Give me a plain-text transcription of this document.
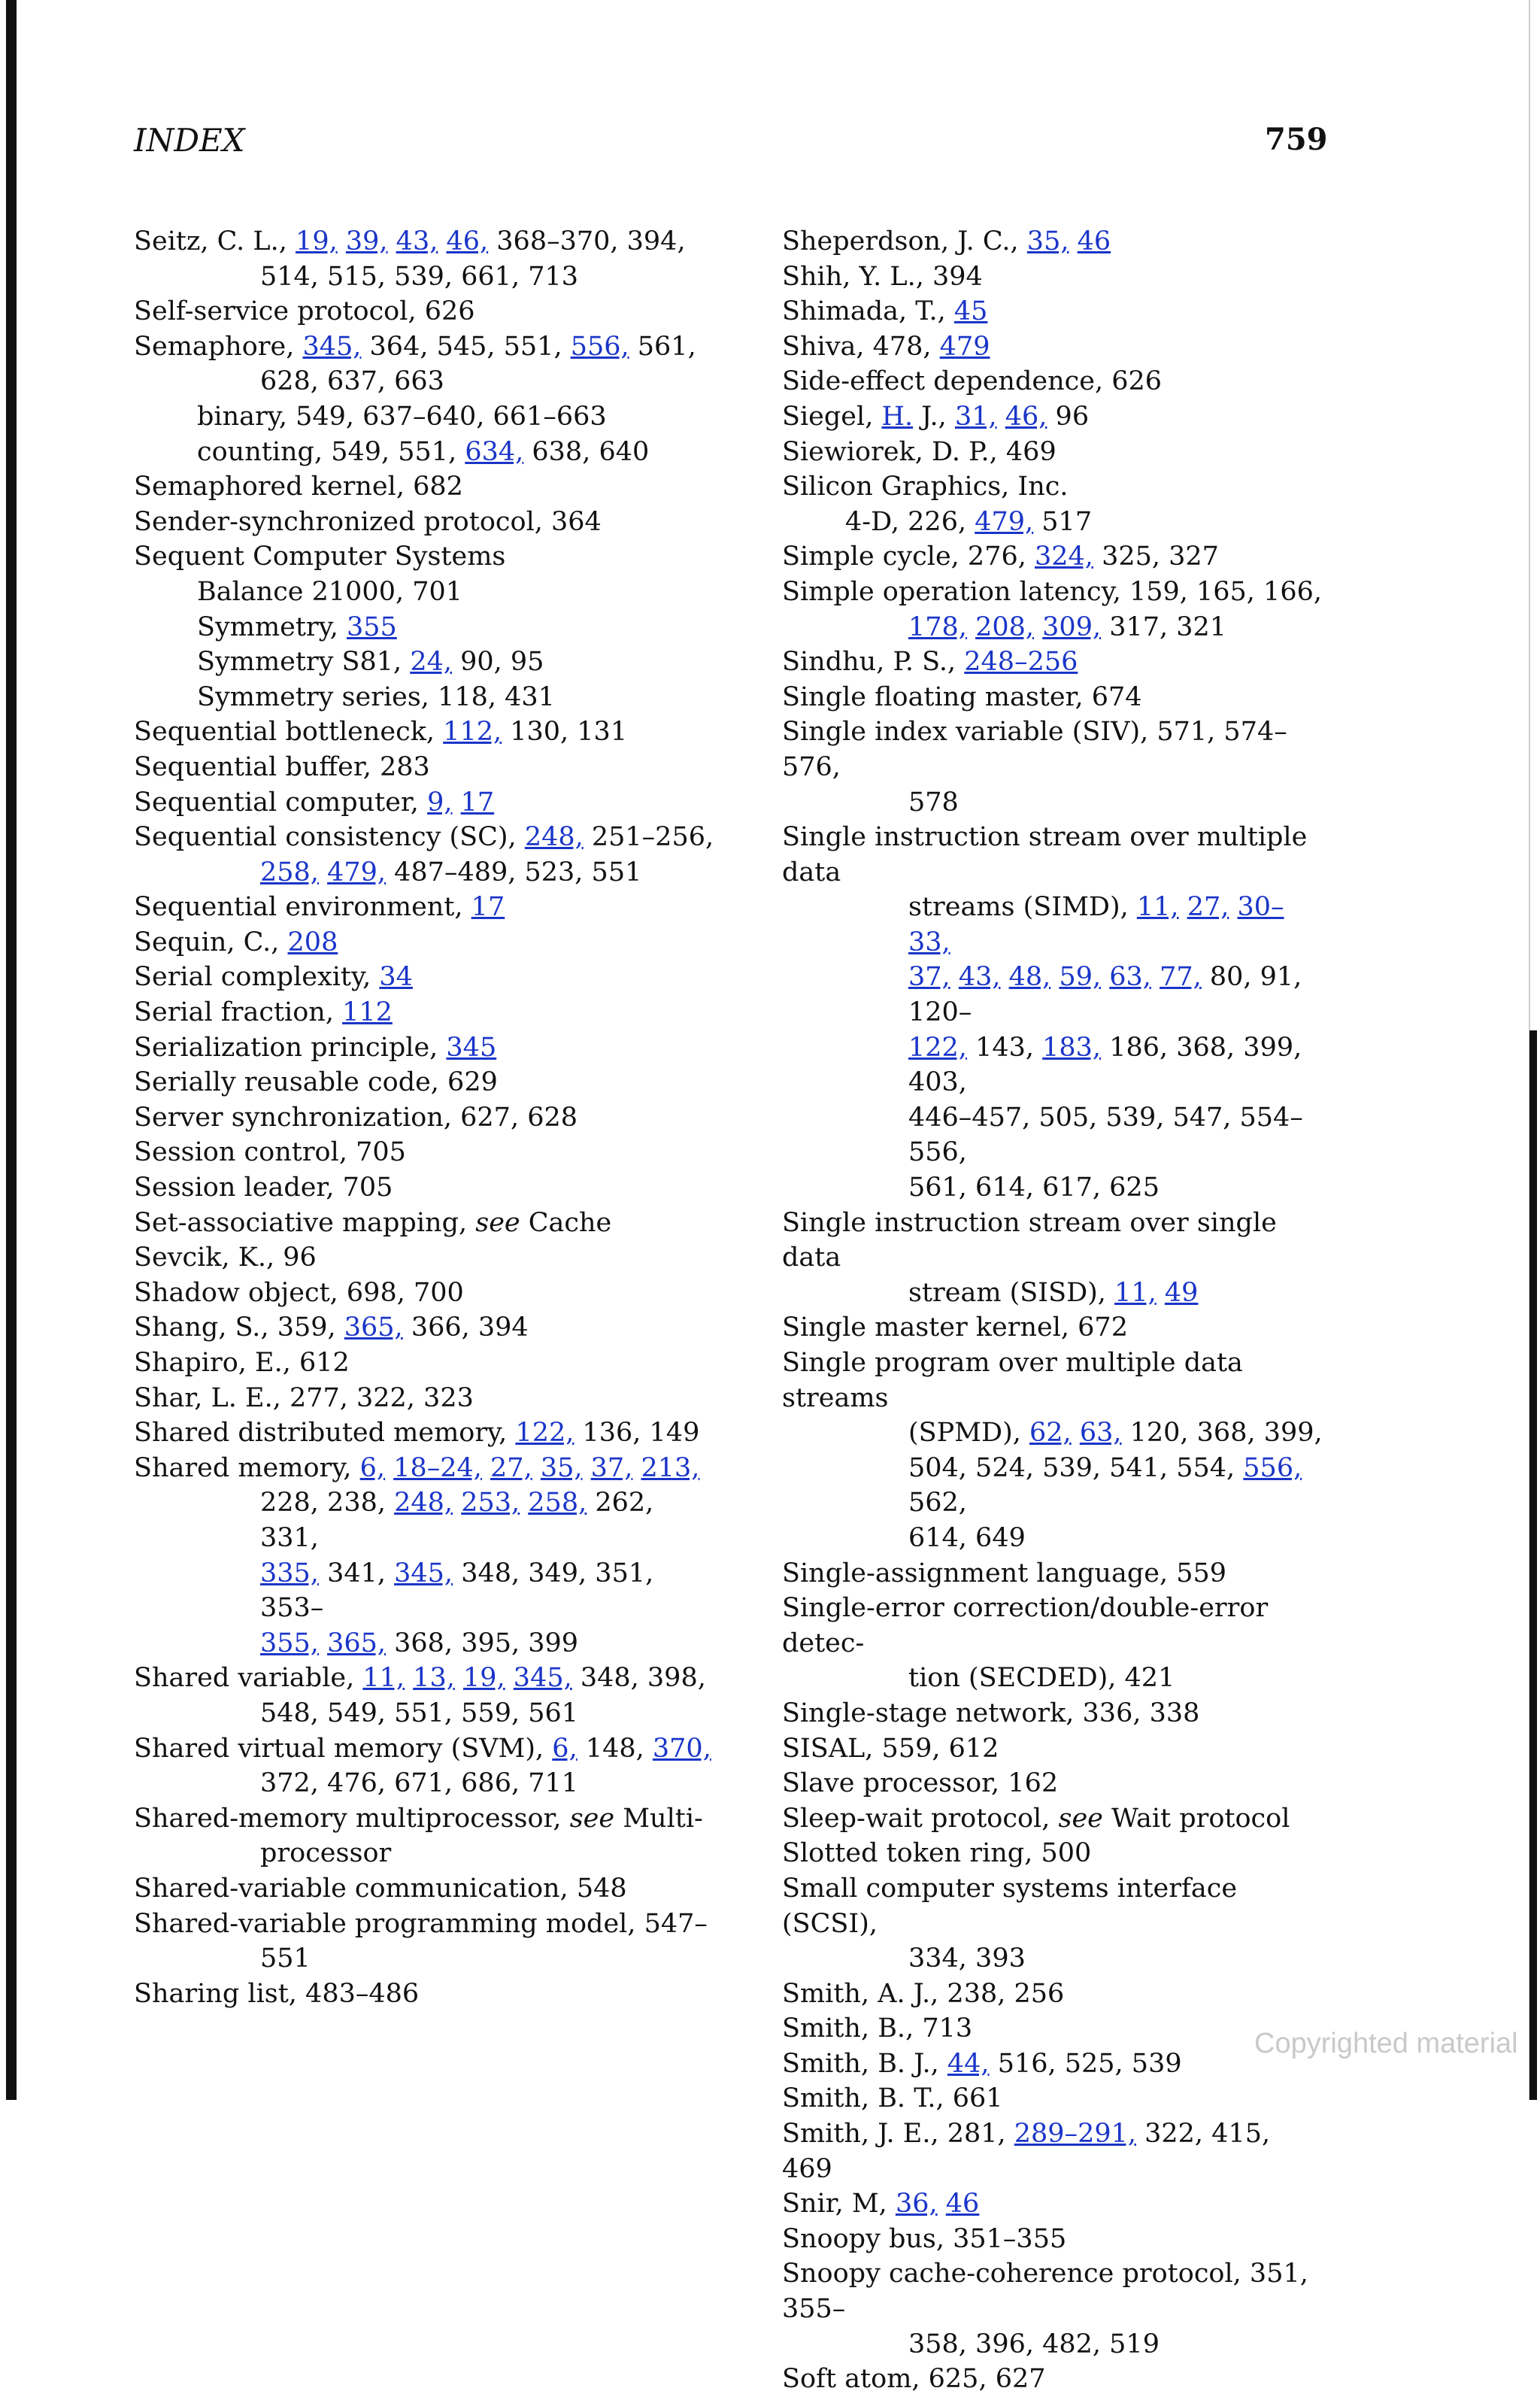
INDEX	759
Seitz, C. L., 19, 39, 43, 46, 368–370, 394,
514, 515, 539, 661, 713
Self-service protocol, 626
Semaphore, 345, 364, 545, 551, 556, 561,
628, 637, 663
binary, 549, 637–640, 661–663
counting, 549, 551, 634, 638, 640
Semaphored kernel, 682
Sender-synchronized protocol, 364
Sequent Computer Systems
Balance 21000, 701
Symmetry, 355
Symmetry S81, 24, 90, 95
Symmetry series, 118, 431
Sequential bottleneck, 112, 130, 131
Sequential buffer, 283
Sequential computer, 9, 17
Sequential consistency (SC), 248, 251–256,
258, 479, 487–489, 523, 551
Sequential environment, 17
Sequin, C., 208
Serial complexity, 34
Serial fraction, 112
Serialization principle, 345
Serially reusable code, 629
Server synchronization, 627, 628
Session control, 705
Session leader, 705
Set-associative mapping, see Cache
Sevcik, K., 96
Shadow object, 698, 700
Shang, S., 359, 365, 366, 394
Shapiro, E., 612
Shar, L. E., 277, 322, 323
Shared distributed memory, 122, 136, 149
Shared memory, 6, 18–24, 27, 35, 37, 213,
228, 238, 248, 253, 258, 262, 331,
335, 341, 345, 348, 349, 351, 353–
355, 365, 368, 395, 399
Shared variable, 11, 13, 19, 345, 348, 398,
548, 549, 551, 559, 561
Shared virtual memory (SVM), 6, 148, 370,
372, 476, 671, 686, 711
Shared-memory multiprocessor, see Multi-
processor
Shared-variable communication, 548
Shared-variable programming model, 547–
551
Sharing list, 483–486
Sheperdson, J. C., 35, 46
Shih, Y. L., 394
Shimada, T., 45
Shiva, 478, 479
Side-effect dependence, 626
Siegel, H. J., 31, 46, 96
Siewiorek, D. P., 469
Silicon Graphics, Inc.
4-D, 226, 479, 517
Simple cycle, 276, 324, 325, 327
Simple operation latency, 159, 165, 166,
178, 208, 309, 317, 321
Sindhu, P. S., 248–256
Single floating master, 674
Single index variable (SIV), 571, 574–576,
578
Single instruction stream over multiple data
streams (SIMD), 11, 27, 30–33,
37, 43, 48, 59, 63, 77, 80, 91, 120–
122, 143, 183, 186, 368, 399, 403,
446–457, 505, 539, 547, 554–556,
561, 614, 617, 625
Single instruction stream over single data
stream (SISD), 11, 49
Single master kernel, 672
Single program over multiple data streams
(SPMD), 62, 63, 120, 368, 399,
504, 524, 539, 541, 554, 556, 562,
614, 649
Single-assignment language, 559
Single-error correction/double-error detec-
tion (SECDED), 421
Single-stage network, 336, 338
SISAL, 559, 612
Slave processor, 162
Sleep-wait protocol, see Wait protocol
Slotted token ring, 500
Small computer systems interface (SCSI),
334, 393
Smith, A. J., 238, 256
Smith, B., 713
Smith, B. J., 44, 516, 525, 539
Smith, B. T., 661
Smith, J. E., 281, 289–291, 322, 415, 469
Snir, M, 36, 46
Snoopy bus, 351–355
Snoopy cache-coherence protocol, 351, 355–
358, 396, 482, 519
Soft atom, 625, 627
Copyrighted material
